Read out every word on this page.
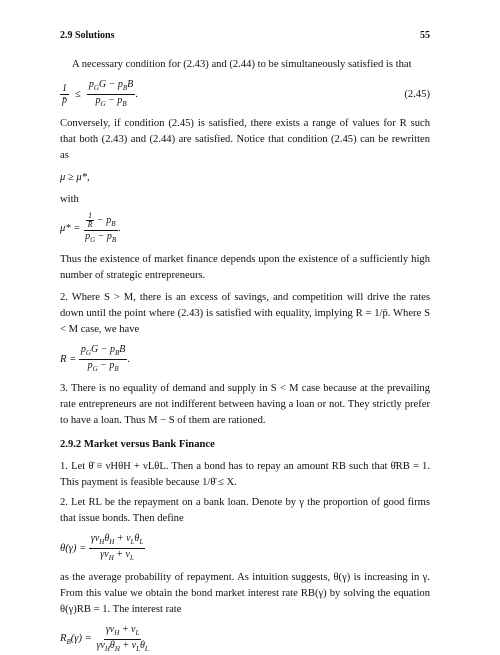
2.9 Solutions	55

A necessary condition for (2.43) and (2.44) to be simultaneously satisfied is that

$\frac{1}{p̄} \le \frac{p_GG - p_BB}{p_G - p_B}$ .	(2.45)

Conversely, if condition (2.45) is satisfied, there exists a range of values for R such that both (2.43) and (2.44) are satisfied. Notice that condition (2.45) can be rewritten as

μ ≥ μ*,

with

$\mu* = \frac{\frac{1}{R̄} - p_B}{p_G - p_B}$ .

Thus the existence of market finance depends upon the existence of a sufficiently high number of strategic entrepreneurs.

2. Where S > M, there is an excess of savings, and competition will drive the rates down until the point where (2.43) is satisfied with equality, implying R = 1/p̄. Where S < M case, we have

$R = \frac{p_GG - p_BB}{p_G - p_B}$ .

3. There is no equality of demand and supply in S < M case because at the prevailing rate entrepreneurs are not indifferent between having a loan or not. They strictly prefer to have a loan. Thus M − S of them are rationed.

2.9.2 Market versus Bank Finance

1. Let θ̄ ≡ νHθH + νLθL. Then a bond has to repay an amount RB such that θ̄RB = 1. This payment is feasible because 1/θ̄ ≤ X.

2. Let RL be the repayment on a bank loan. Denote by γ the proportion of good firms that issue bonds. Then define

$\theta(\gamma) = \frac{\gamma\nu_H\theta_H + \nu_L\theta_L}{\gamma\nu_H + \nu_L}$

as the average probability of repayment. As intuition suggests, θ(γ) is increasing in γ. From this value we obtain the bond market interest rate RB(γ) by solving the equation θ(γ)RB = 1. The interest rate

$R_B(\gamma) = \frac{\gamma\nu_H + \nu_L}{\gamma\nu_H\theta_H + \nu_L\theta_L}$
